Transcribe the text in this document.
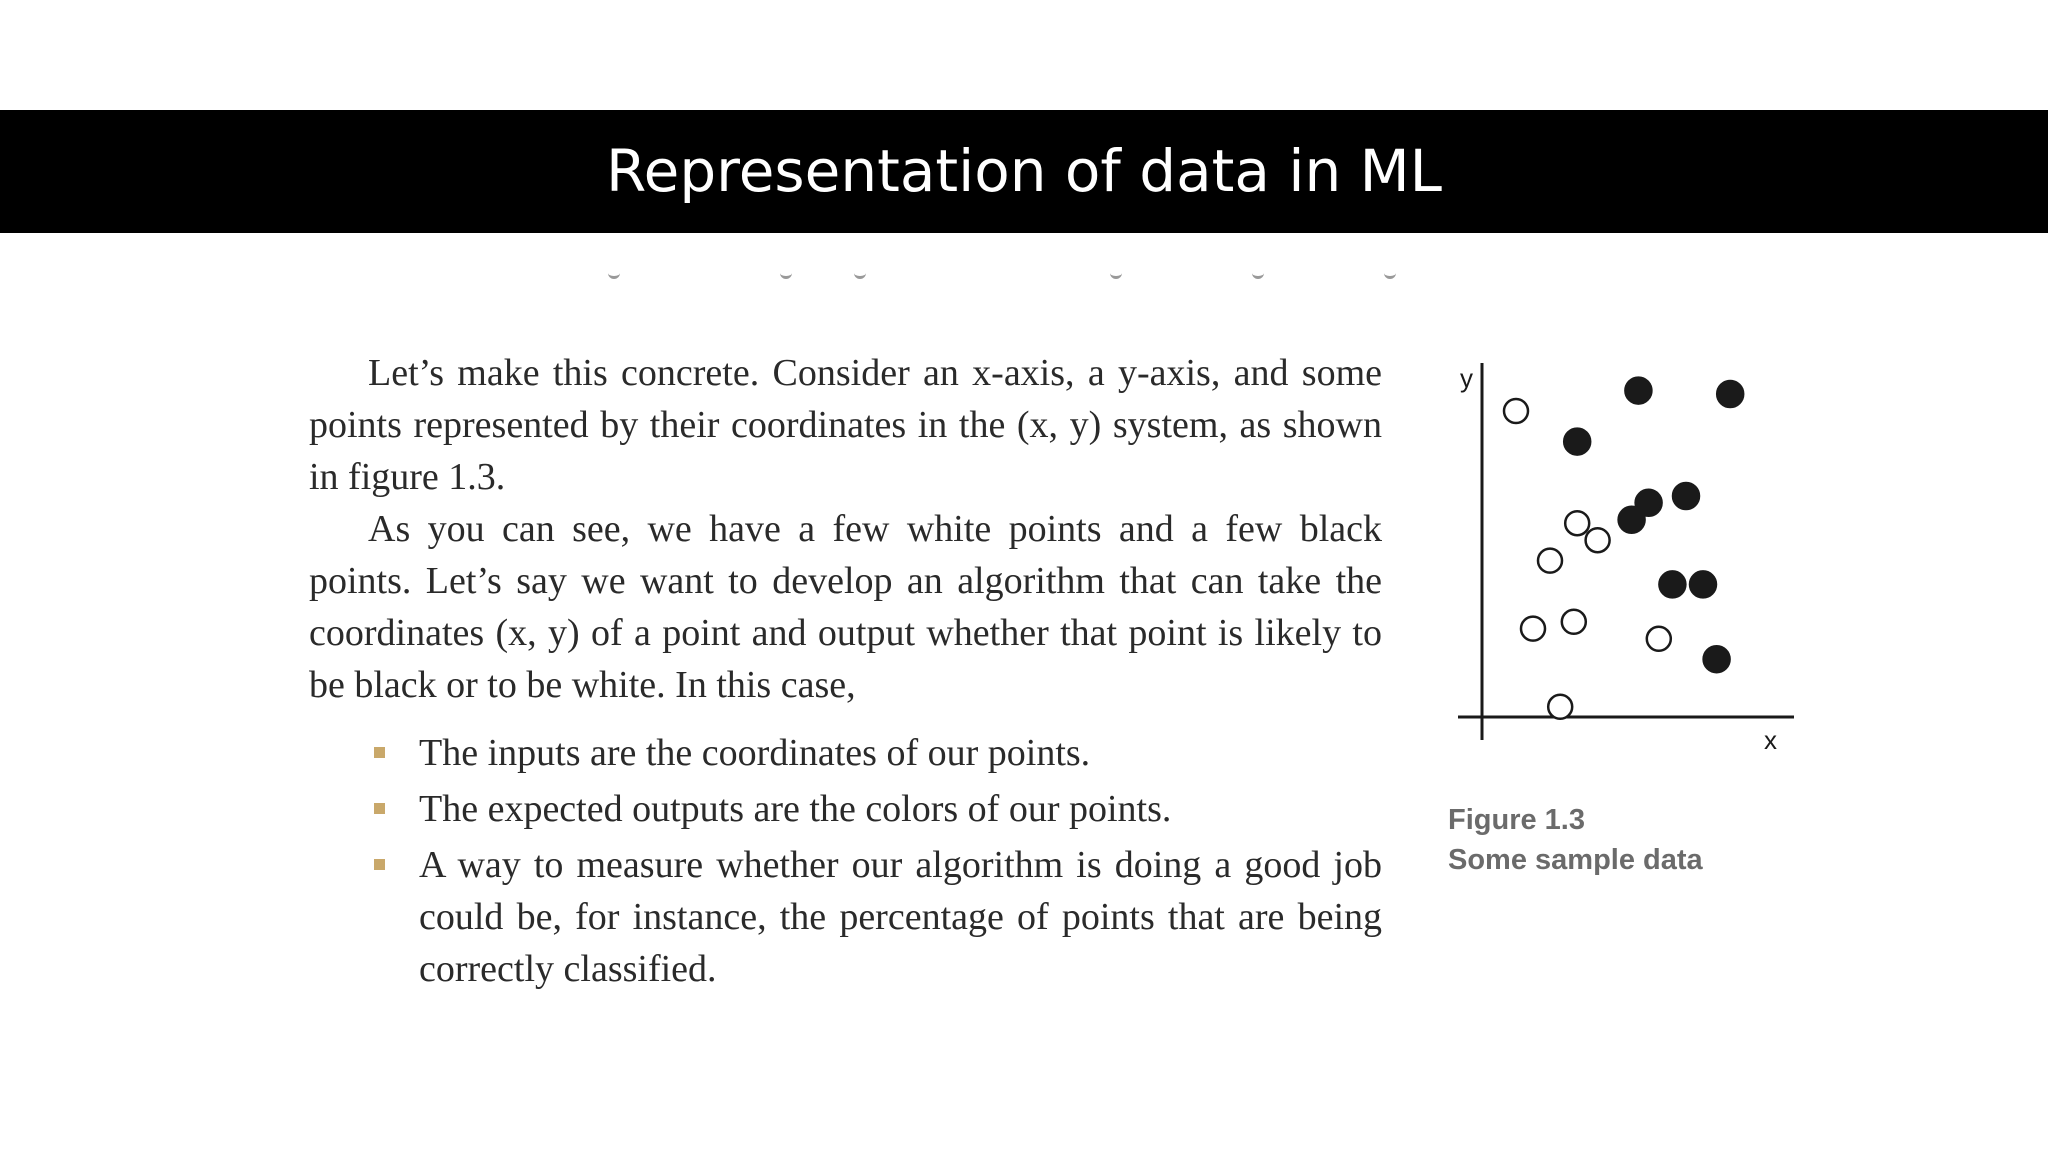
Representation of data in ML

Let’s make this concrete. Consider an x-axis, a y-axis, and some points represented by their coordinates in the (x, y) system, as shown in figure 1.3.

As you can see, we have a few white points and a few black points. Let’s say we want to develop an algorithm that can take the coordinates (x, y) of a point and output whether that point is likely to be black or to be white. In this case,

The inputs are the coordinates of our points.
The expected outputs are the colors of our points.
A way to measure whether our algorithm is doing a good job could be, for instance, the percentage of points that are being correctly classified.
y
x
Figure 1.3
Some sample data
